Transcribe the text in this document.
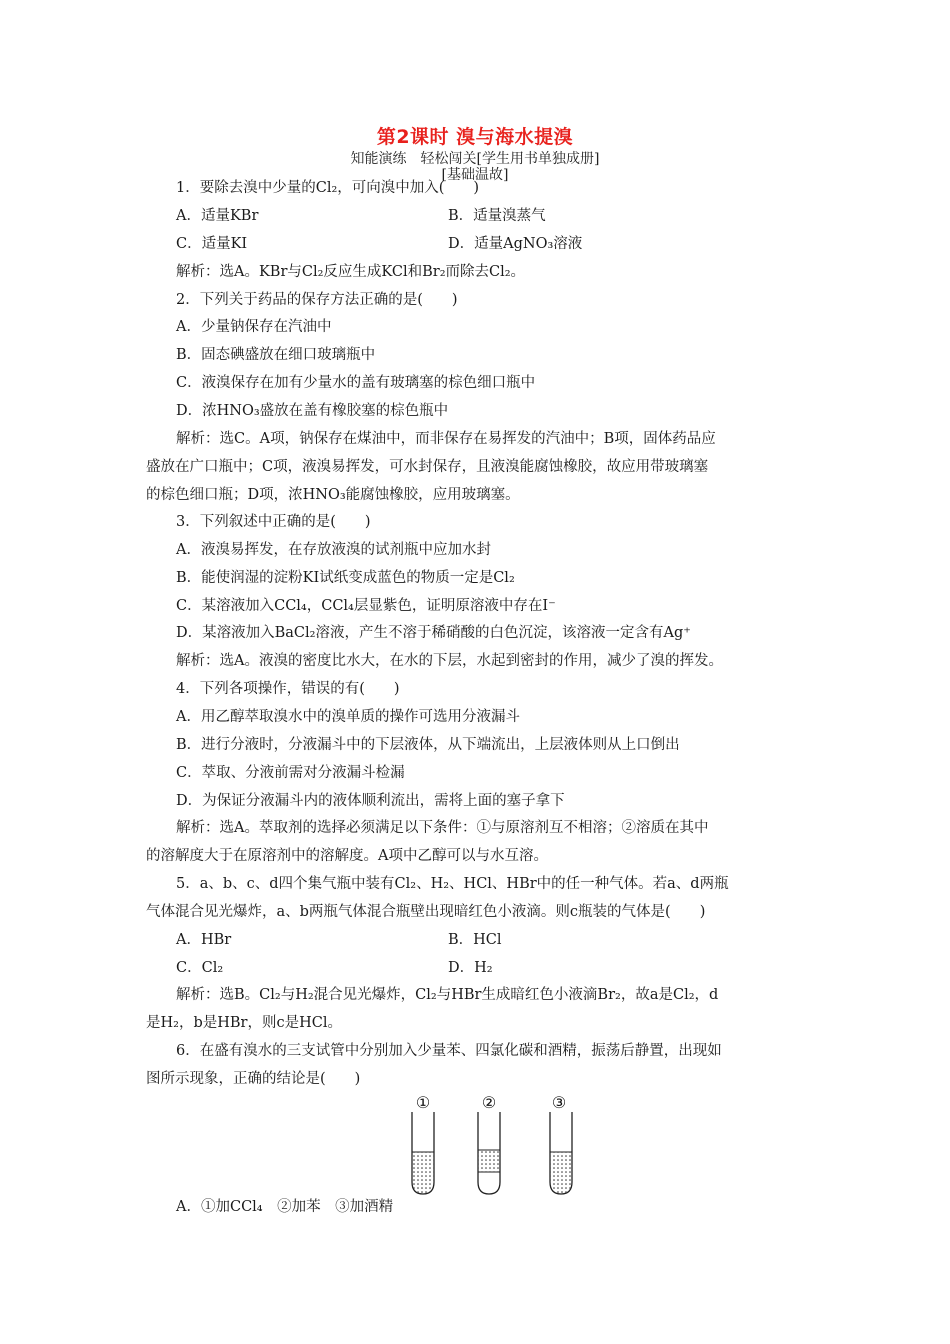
第2课时 溴与海水提溴
知能演练　轻松闯关[学生用书单独成册]
[基础温故]
1．要除去溴中少量的Cl₂，可向溴中加入(　　)
A．适量KBr	B．适量溴蒸气
C．适量KI	D．适量AgNO₃溶液
解析：选A。KBr与Cl₂反应生成KCl和Br₂而除去Cl₂。
2．下列关于药品的保存方法正确的是(　　)
A．少量钠保存在汽油中
B．固态碘盛放在细口玻璃瓶中
C．液溴保存在加有少量水的盖有玻璃塞的棕色细口瓶中
D．浓HNO₃盛放在盖有橡胶塞的棕色瓶中
解析：选C。A项，钠保存在煤油中，而非保存在易挥发的汽油中；B项，固体药品应
盛放在广口瓶中；C项，液溴易挥发，可水封保存，且液溴能腐蚀橡胶，故应用带玻璃塞
的棕色细口瓶；D项，浓HNO₃能腐蚀橡胶，应用玻璃塞。
3．下列叙述中正确的是(　　)
A．液溴易挥发，在存放液溴的试剂瓶中应加水封
B．能使润湿的淀粉KI试纸变成蓝色的物质一定是Cl₂
C．某溶液加入CCl₄，CCl₄层显紫色，证明原溶液中存在I⁻
D．某溶液加入BaCl₂溶液，产生不溶于稀硝酸的白色沉淀，该溶液一定含有Ag⁺
解析：选A。液溴的密度比水大，在水的下层，水起到密封的作用，减少了溴的挥发。
4．下列各项操作，错误的有(　　)
A．用乙醇萃取溴水中的溴单质的操作可选用分液漏斗
B．进行分液时，分液漏斗中的下层液体，从下端流出，上层液体则从上口倒出
C．萃取、分液前需对分液漏斗检漏
D．为保证分液漏斗内的液体顺利流出，需将上面的塞子拿下
解析：选A。萃取剂的选择必须满足以下条件：①与原溶剂互不相溶；②溶质在其中
的溶解度大于在原溶剂中的溶解度。A项中乙醇可以与水互溶。
5．a、b、c、d四个集气瓶中装有Cl₂、H₂、HCl、HBr中的任一种气体。若a、d两瓶
气体混合见光爆炸，a、b两瓶气体混合瓶壁出现暗红色小液滴。则c瓶装的气体是(　　)
A．HBr	B．HCl
C．Cl₂	D．H₂
解析：选B。Cl₂与H₂混合见光爆炸，Cl₂与HBr生成暗红色小液滴Br₂，故a是Cl₂，d
是H₂，b是HBr，则c是HCl。
6．在盛有溴水的三支试管中分别加入少量苯、四氯化碳和酒精，振荡后静置，出现如
图所示现象，正确的结论是(　　)
①	②	③
A．①加CCl₄　②加苯　③加酒精
